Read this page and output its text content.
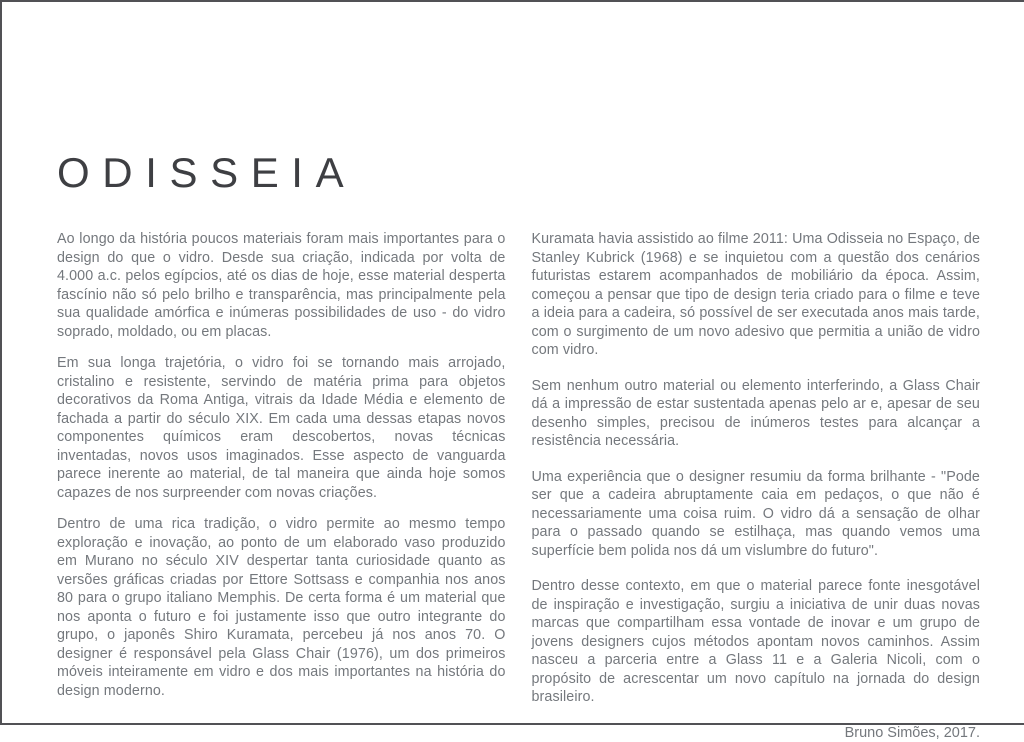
ODISSEIA

Ao longo da história poucos materiais foram mais importantes para o design do que o vidro. Desde sua criação, indicada por volta de 4.000 a.c. pelos egípcios, até os dias de hoje, esse material desperta fascínio não só pelo brilho e transparência, mas principalmente pela sua qualidade amórfica e inúmeras possibilidades de uso - do vidro soprado, moldado, ou em placas.

Em sua longa trajetória, o vidro foi se tornando mais arrojado, cristalino e resistente, servindo de matéria prima para objetos decorativos da Roma Antiga, vitrais da Idade Média e elemento de fachada a partir do século XIX. Em cada uma dessas etapas novos componentes químicos eram descobertos, novas técnicas inventadas, novos usos imaginados. Esse aspecto de vanguarda parece inerente ao material, de tal maneira que ainda hoje somos capazes de nos surpreender com novas criações.

Dentro de uma rica tradição, o vidro permite ao mesmo tempo exploração e inovação, ao ponto de um elaborado vaso produzido em Murano no século XIV despertar tanta curiosidade quanto as versões gráficas criadas por Ettore Sottsass e companhia nos anos 80 para o grupo italiano Memphis. De certa forma é um material que nos aponta o futuro e foi justamente isso que outro integrante do grupo, o japonês Shiro Kuramata, percebeu já nos anos 70. O designer é responsável pela Glass Chair (1976), um dos primeiros móveis inteiramente em vidro e dos mais importantes na história do design moderno.

Kuramata havia assistido ao filme 2011: Uma Odisseia no Espaço, de Stanley Kubrick (1968) e se inquietou com a questão dos cenários futuristas estarem acompanhados de mobiliário da época. Assim, começou a pensar que tipo de design teria criado para o filme e teve a ideia para a cadeira, só possível de ser executada anos mais tarde, com o surgimento de um novo adesivo que permitia a união de vidro com vidro.

Sem nenhum outro material ou elemento interferindo, a Glass Chair dá a impressão de estar sustentada apenas pelo ar e, apesar de seu desenho simples, precisou de inúmeros testes para alcançar a resistência necessária.

Uma experiência que o designer resumiu da forma brilhante - "Pode ser que a cadeira abruptamente caia em pedaços, o que não é necessariamente uma coisa ruim. O vidro dá a sensação de olhar para o passado quando se estilhaça, mas quando vemos uma superfície bem polida nos dá um vislumbre do futuro".

Dentro desse contexto, em que o material parece fonte inesgotável de inspiração e investigação, surgiu a iniciativa de unir duas novas marcas que compartilham essa vontade de inovar e um grupo de jovens designers cujos métodos apontam novos caminhos. Assim nasceu a parceria entre a Glass 11 e a Galeria Nicoli, com o propósito de acrescentar um novo capítulo na jornada do design brasileiro.

Bruno Simões, 2017.
